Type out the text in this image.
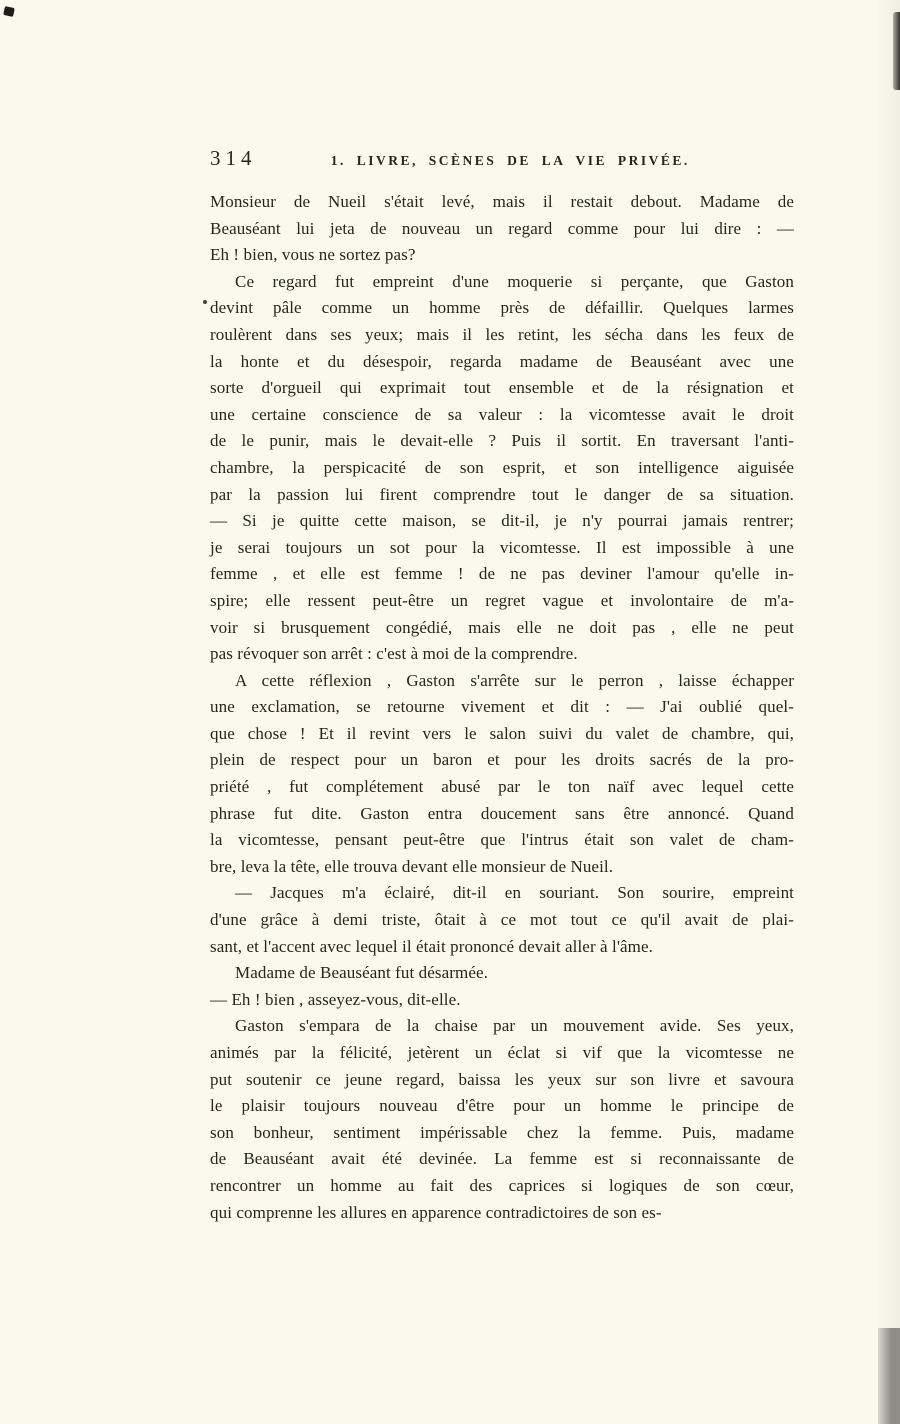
314	1. LIVRE, SCÈNES DE LA VIE PRIVÉE.
Monsieur de Nueil s'était levé, mais il restait debout. Madame de
Beauséant lui jeta de nouveau un regard comme pour lui dire : —
Eh ! bien, vous ne sortez pas?
Ce regard fut empreint d'une moquerie si perçante, que Gaston
devint pâle comme un homme près de défaillir. Quelques larmes
roulèrent dans ses yeux; mais il les retint, les sécha dans les feux de
la honte et du désespoir, regarda madame de Beauséant avec une
sorte d'orgueil qui exprimait tout ensemble et de la résignation et
une certaine conscience de sa valeur : la vicomtesse avait le droit
de le punir, mais le devait-elle ? Puis il sortit. En traversant l'anti-
chambre, la perspicacité de son esprit, et son intelligence aiguisée
par la passion lui firent comprendre tout le danger de sa situation.
— Si je quitte cette maison, se dit-il, je n'y pourrai jamais rentrer;
je serai toujours un sot pour la vicomtesse. Il est impossible à une
femme , et elle est femme ! de ne pas deviner l'amour qu'elle in-
spire; elle ressent peut-être un regret vague et involontaire de m'a-
voir si brusquement congédié, mais elle ne doit pas , elle ne peut
pas révoquer son arrêt : c'est à moi de la comprendre.
A cette réflexion , Gaston s'arrête sur le perron , laisse échapper
une exclamation, se retourne vivement et dit : — J'ai oublié quel-
que chose ! Et il revint vers le salon suivi du valet de chambre, qui,
plein de respect pour un baron et pour les droits sacrés de la pro-
priété , fut complétement abusé par le ton naïf avec lequel cette
phrase fut dite. Gaston entra doucement sans être annoncé. Quand
la vicomtesse, pensant peut-être que l'intrus était son valet de cham-
bre, leva la tête, elle trouva devant elle monsieur de Nueil.
— Jacques m'a éclairé, dit-il en souriant. Son sourire, empreint
d'une grâce à demi triste, ôtait à ce mot tout ce qu'il avait de plai-
sant, et l'accent avec lequel il était prononcé devait aller à l'âme.
Madame de Beauséant fut désarmée.
— Eh ! bien , asseyez-vous, dit-elle.
Gaston s'empara de la chaise par un mouvement avide. Ses yeux,
animés par la félicité, jetèrent un éclat si vif que la vicomtesse ne
put soutenir ce jeune regard, baissa les yeux sur son livre et savoura
le plaisir toujours nouveau d'être pour un homme le principe de
son bonheur, sentiment impérissable chez la femme. Puis, madame
de Beauséant avait été devinée. La femme est si reconnaissante de
rencontrer un homme au fait des caprices si logiques de son cœur,
qui comprenne les allures en apparence contradictoires de son es-
